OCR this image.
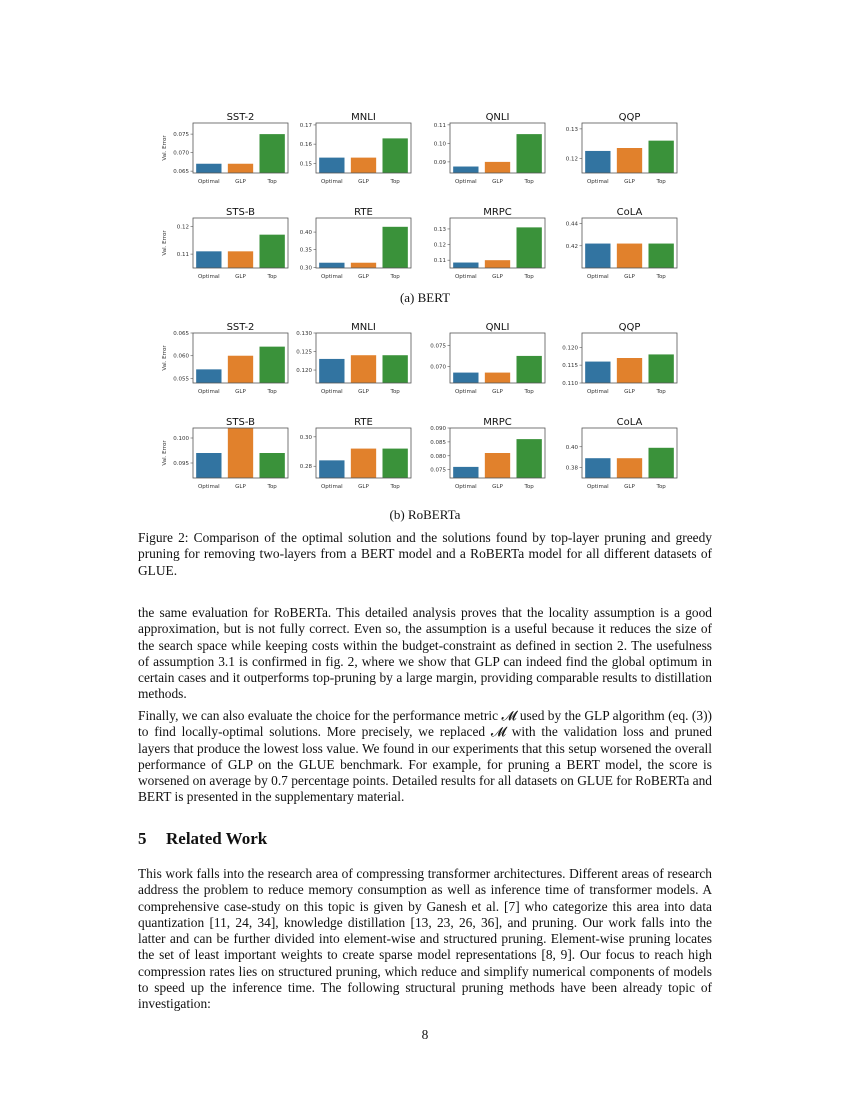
Optimal	GLP	Top
0.065
0.070
0.075
SST-2
Val. Error
Optimal	GLP	Top
0.15
0.16
0.17
MNLI
Optimal	GLP	Top
0.09
0.10
0.11
QNLI
Optimal	GLP	Top
0.12
0.13
QQP
Optimal	GLP	Top
0.11
0.12
STS-B
Val. Error
Optimal	GLP	Top
0.30
0.35
0.40
RTE
Optimal	GLP	Top
0.11
0.12
0.13
MRPC
Optimal	GLP	Top
0.42
0.44
CoLA
Optimal	GLP	Top
0.055
0.060
0.065
SST-2
Val. Error
Optimal	GLP	Top
0.120
0.125
0.130
MNLI
Optimal	GLP	Top
0.070
0.075
QNLI
Optimal	GLP	Top
0.110
0.115
0.120
QQP
Optimal	GLP	Top
0.095
0.100
STS-B
Val. Error
Optimal	GLP	Top
0.28
0.30
RTE
Optimal	GLP	Top
0.075
0.080
0.085
0.090
MRPC
Optimal	GLP	Top
0.38
0.40
CoLA
(a) BERT
(b) RoBERTa
Figure 2: Comparison of the optimal solution and the solutions found by top-layer pruning and greedy pruning for removing two-layers from a BERT model and a RoBERTa model for all different datasets of GLUE.

the same evaluation for RoBERTa. This detailed analysis proves that the locality assumption is a good approximation, but is not fully correct. Even so, the assumption is a useful because it reduces the size of the search space while keeping costs within the budget-constraint as defined in section 2. The usefulness of assumption 3.1 is confirmed in fig. 2, where we show that GLP can indeed find the global optimum in certain cases and it outperforms top-pruning by a large margin, providing comparable results to distillation methods.

Finally, we can also evaluate the choice for the performance metric 𝓜 used by the GLP algorithm (eq. (3)) to find locally-optimal solutions. More precisely, we replaced 𝓜 with the validation loss and pruned layers that produce the lowest loss value. We found in our experiments that this setup worsened the overall performance of GLP on the GLUE benchmark. For example, for pruning a BERT model, the score is worsened on average by 0.7 percentage points. Detailed results for all datasets on GLUE for RoBERTa and BERT is presented in the supplementary material.

5 Related Work

This work falls into the research area of compressing transformer architectures. Different areas of research address the problem to reduce memory consumption as well as inference time of transformer models. A comprehensive case-study on this topic is given by Ganesh et al. [7] who categorize this area into data quantization [11, 24, 34], knowledge distillation [13, 23, 26, 36], and pruning. Our work falls into the latter and can be further divided into element-wise and structured pruning. Element-wise pruning locates the set of least important weights to create sparse model representations [8, 9]. Our focus to reach high compression rates lies on structured pruning, which reduce and simplify numerical components of models to speed up the inference time. The following structural pruning methods have been already topic of investigation:

8
